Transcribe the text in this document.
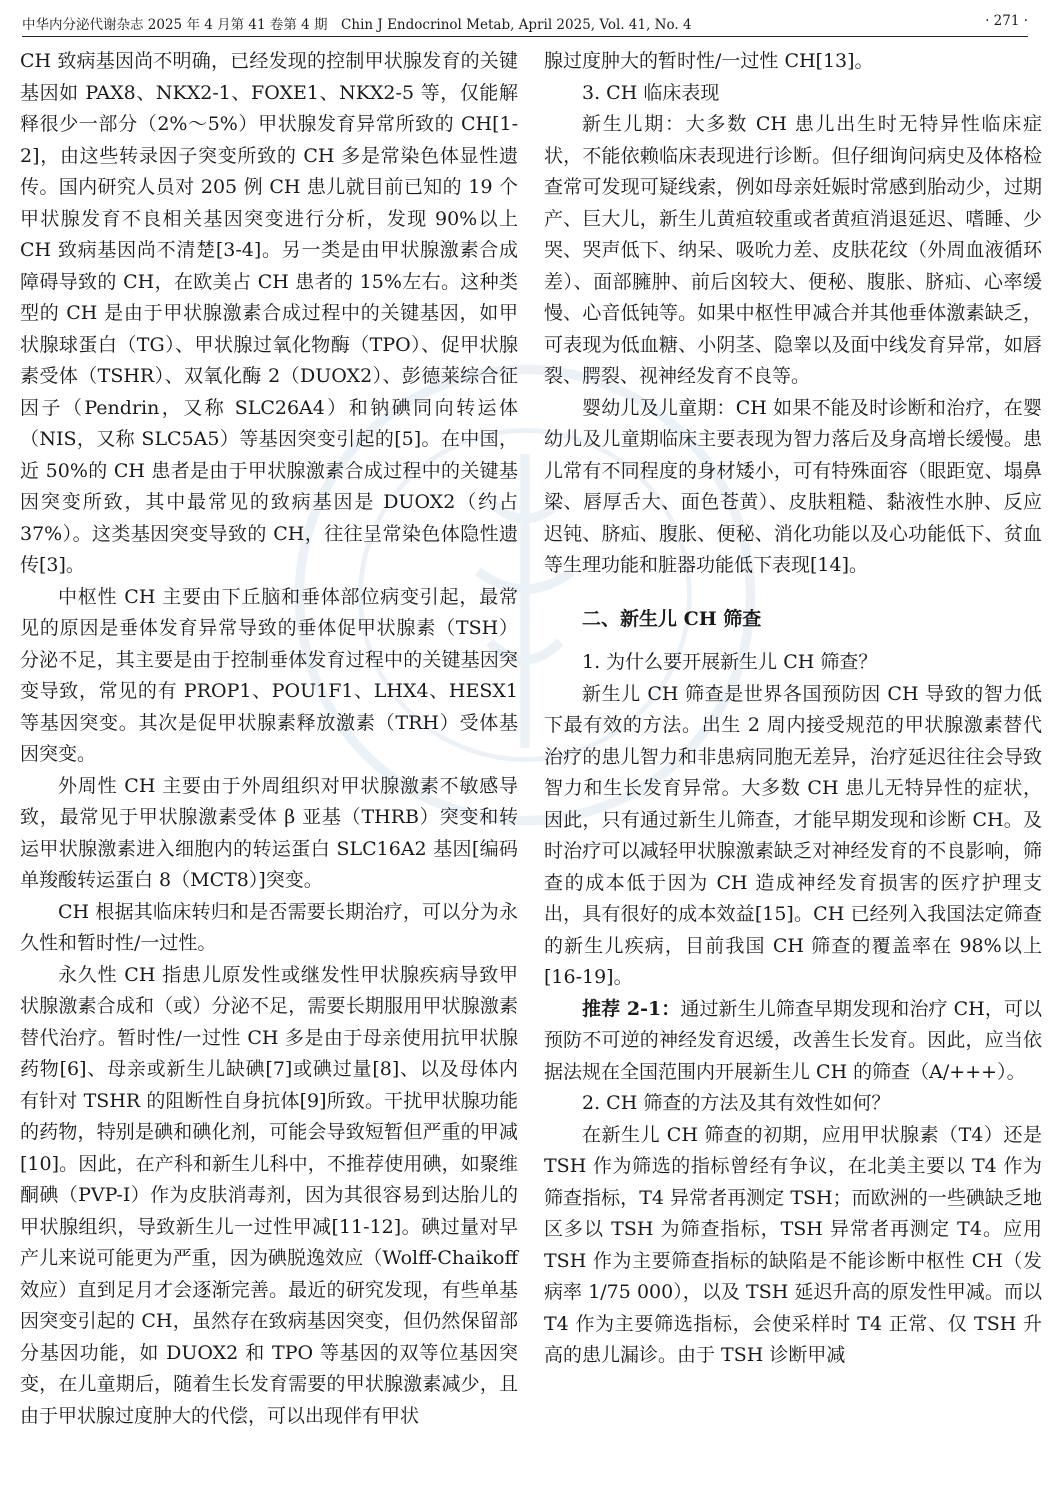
中华内分泌代谢杂志 2025 年 4 月第 41 卷第 4 期　Chin J Endocrinol Metab, April 2025, Vol. 41, No. 4	· 271 ·

CH 致病基因尚不明确，已经发现的控制甲状腺发育的关键基因如 PAX8、NKX2-1、FOXE1、NKX2-5 等，仅能解释很少一部分（2%～5%）甲状腺发育异常所致的 CH[1-2]，由这些转录因子突变所致的 CH 多是常染色体显性遗传。国内研究人员对 205 例 CH 患儿就目前已知的 19 个甲状腺发育不良相关基因突变进行分析，发现 90%以上 CH 致病基因尚不清楚[3-4]。另一类是由甲状腺激素合成障碍导致的 CH，在欧美占 CH 患者的 15%左右。这种类型的 CH 是由于甲状腺激素合成过程中的关键基因，如甲状腺球蛋白（TG）、甲状腺过氧化物酶（TPO）、促甲状腺素受体（TSHR）、双氧化酶 2（DUOX2）、彭德莱综合征因子（Pendrin，又称 SLC26A4）和钠碘同向转运体（NIS，又称 SLC5A5）等基因突变引起的[5]。在中国，近 50%的 CH 患者是由于甲状腺激素合成过程中的关键基因突变所致，其中最常见的致病基因是 DUOX2（约占 37%）。这类基因突变导致的 CH，往往呈常染色体隐性遗传[3]。

中枢性 CH 主要由下丘脑和垂体部位病变引起，最常见的原因是垂体发育异常导致的垂体促甲状腺素（TSH）分泌不足，其主要是由于控制垂体发育过程中的关键基因突变导致，常见的有 PROP1、POU1F1、LHX4、HESX1 等基因突变。其次是促甲状腺素释放激素（TRH）受体基因突变。

外周性 CH 主要由于外周组织对甲状腺激素不敏感导致，最常见于甲状腺激素受体 β 亚基（THRB）突变和转运甲状腺激素进入细胞内的转运蛋白 SLC16A2 基因[编码单羧酸转运蛋白 8（MCT8）]突变。

CH 根据其临床转归和是否需要长期治疗，可以分为永久性和暂时性/一过性。

永久性 CH 指患儿原发性或继发性甲状腺疾病导致甲状腺激素合成和（或）分泌不足，需要长期服用甲状腺激素替代治疗。暂时性/一过性 CH 多是由于母亲使用抗甲状腺药物[6]、母亲或新生儿缺碘[7]或碘过量[8]、以及母体内有针对 TSHR 的阻断性自身抗体[9]所致。干扰甲状腺功能的药物，特别是碘和碘化剂，可能会导致短暂但严重的甲减[10]。因此，在产科和新生儿科中，不推荐使用碘，如聚维酮碘（PVP-I）作为皮肤消毒剂，因为其很容易到达胎儿的甲状腺组织，导致新生儿一过性甲减[11-12]。碘过量对早产儿来说可能更为严重，因为碘脱逸效应（Wolff-Chaikoff 效应）直到足月才会逐渐完善。最近的研究发现，有些单基因突变引起的 CH，虽然存在致病基因突变，但仍然保留部分基因功能，如 DUOX2 和 TPO 等基因的双等位基因突变，在儿童期后，随着生长发育需要的甲状腺激素减少，且由于甲状腺过度肿大的代偿，可以出现伴有甲状

腺过度肿大的暂时性/一过性 CH[13]。

3. CH 临床表现

新生儿期：大多数 CH 患儿出生时无特异性临床症状，不能依赖临床表现进行诊断。但仔细询问病史及体格检查常可发现可疑线索，例如母亲妊娠时常感到胎动少，过期产、巨大儿，新生儿黄疸较重或者黄疸消退延迟、嗜睡、少哭、哭声低下、纳呆、吸吮力差、皮肤花纹（外周血液循环差）、面部臃肿、前后囟较大、便秘、腹胀、脐疝、心率缓慢、心音低钝等。如果中枢性甲减合并其他垂体激素缺乏，可表现为低血糖、小阴茎、隐睾以及面中线发育异常，如唇裂、腭裂、视神经发育不良等。

婴幼儿及儿童期：CH 如果不能及时诊断和治疗，在婴幼儿及儿童期临床主要表现为智力落后及身高增长缓慢。患儿常有不同程度的身材矮小，可有特殊面容（眼距宽、塌鼻梁、唇厚舌大、面色苍黄）、皮肤粗糙、黏液性水肿、反应迟钝、脐疝、腹胀、便秘、消化功能以及心功能低下、贫血等生理功能和脏器功能低下表现[14]。

二、新生儿 CH 筛查

1. 为什么要开展新生儿 CH 筛查？

新生儿 CH 筛查是世界各国预防因 CH 导致的智力低下最有效的方法。出生 2 周内接受规范的甲状腺激素替代治疗的患儿智力和非患病同胞无差异，治疗延迟往往会导致智力和生长发育异常。大多数 CH 患儿无特异性的症状，因此，只有通过新生儿筛查，才能早期发现和诊断 CH。及时治疗可以减轻甲状腺激素缺乏对神经发育的不良影响，筛查的成本低于因为 CH 造成神经发育损害的医疗护理支出，具有很好的成本效益[15]。CH 已经列入我国法定筛查的新生儿疾病，目前我国 CH 筛查的覆盖率在 98%以上[16-19]。

推荐 2-1：通过新生儿筛查早期发现和治疗 CH，可以预防不可逆的神经发育迟缓，改善生长发育。因此，应当依据法规在全国范围内开展新生儿 CH 的筛查（A/+++）。

2. CH 筛查的方法及其有效性如何？

在新生儿 CH 筛查的初期，应用甲状腺素（T4）还是 TSH 作为筛选的指标曾经有争议，在北美主要以 T4 作为筛查指标，T4 异常者再测定 TSH；而欧洲的一些碘缺乏地区多以 TSH 为筛查指标，TSH 异常者再测定 T4。应用 TSH 作为主要筛查指标的缺陷是不能诊断中枢性 CH（发病率 1/75 000），以及 TSH 延迟升高的原发性甲减。而以 T4 作为主要筛选指标，会使采样时 T4 正常、仅 TSH 升高的患儿漏诊。由于 TSH 诊断甲减
